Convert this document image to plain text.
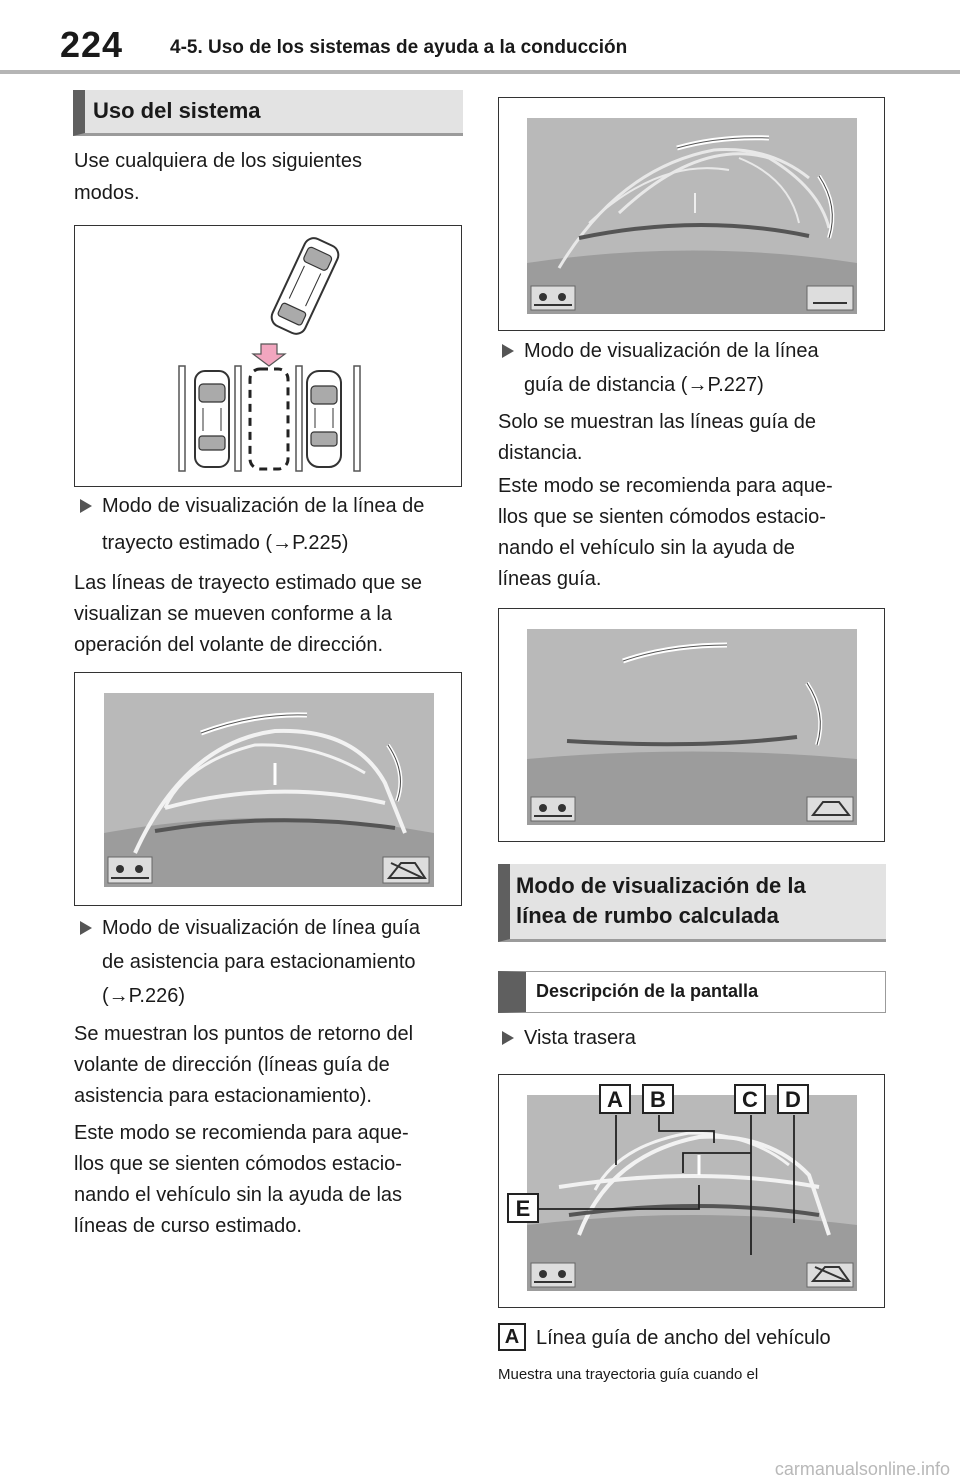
224 4-5. Uso de los sistemas de ayuda a la conducción
Uso del sistema
Use cualquiera de los siguientes
modos.
Modo de visualización de la línea de
trayecto estimado (→P.225)
Las líneas de trayecto estimado que se
visualizan se mueven conforme a la
operación del volante de dirección.
Modo de visualización de línea guía
de asistencia para estacionamiento
(→P.226)
Se muestran los puntos de retorno del
volante de dirección (líneas guía de
asistencia para estacionamiento).
Este modo se recomienda para aque-
llos que se sienten cómodos estacio-
nando el vehículo sin la ayuda de las
líneas de curso estimado.
Modo de visualización de la línea
guía de distancia (→P.227)
Solo se muestran las líneas guía de
distancia.
Este modo se recomienda para aque-
llos que se sienten cómodos estacio-
nando el vehículo sin la ayuda de
líneas guía.
Modo de visualización de la
línea de rumbo calculada
Descripción de la pantalla
Vista trasera
A	B	C	D
E
A Línea guía de ancho del vehículo
Muestra una trayectoria guía cuando el
carmanualsonline.info
